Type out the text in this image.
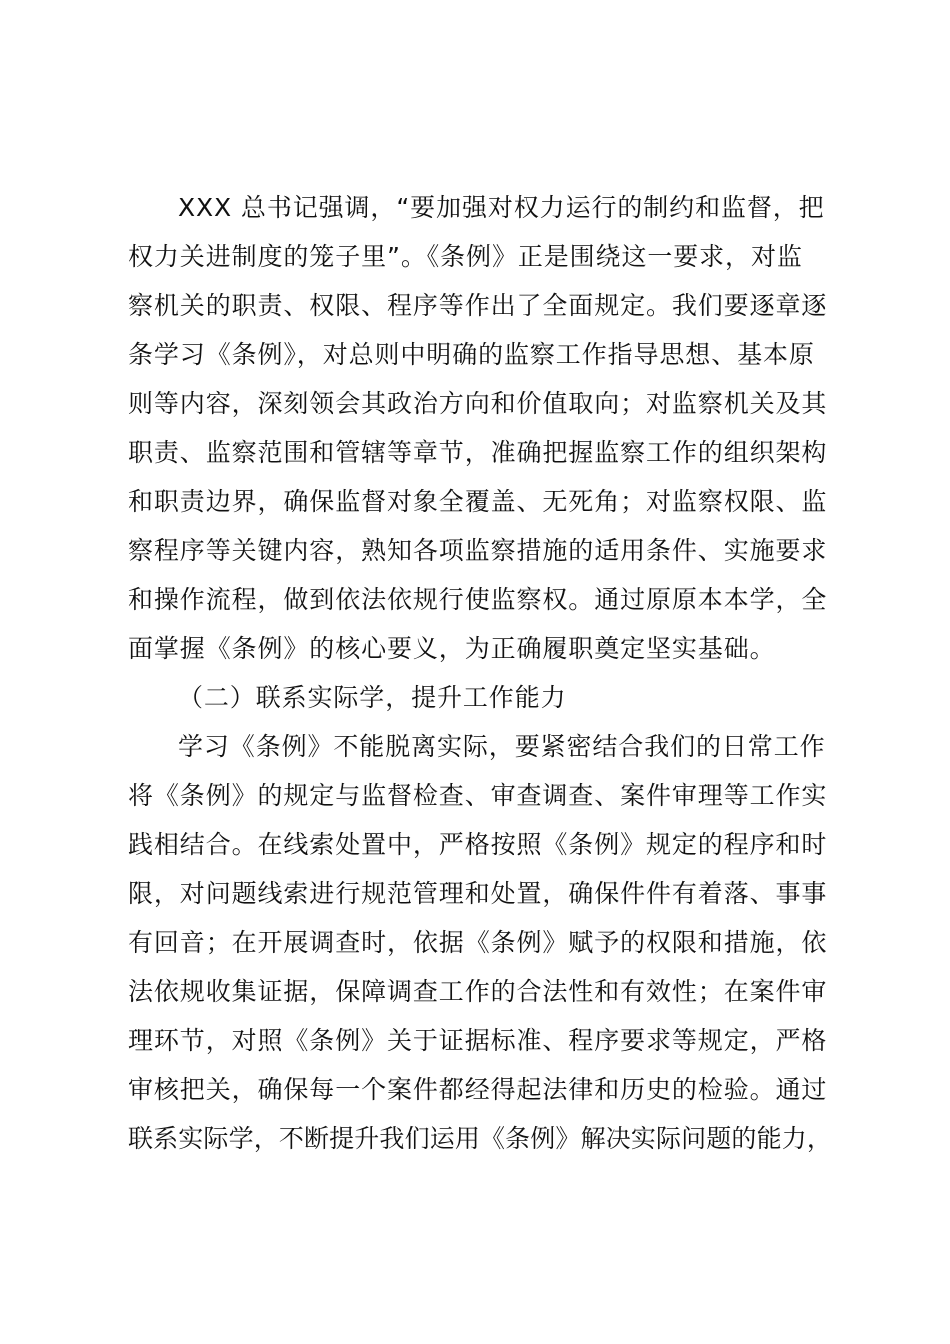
XXX 总书记强调，“要加强对权力运行的制约和监督，把
权力关进制度的笼子里”。《条例》正是围绕这一要求，对监
察机关的职责、权限、程序等作出了全面规定。我们要逐章逐
条学习《条例》，对总则中明确的监察工作指导思想、基本原
则等内容，深刻领会其政治方向和价值取向；对监察机关及其
职责、监察范围和管辖等章节，准确把握监察工作的组织架构
和职责边界，确保监督对象全覆盖、无死角；对监察权限、监
察程序等关键内容，熟知各项监察措施的适用条件、实施要求
和操作流程，做到依法依规行使监察权。通过原原本本学，全
面掌握《条例》的核心要义，为正确履职奠定坚实基础。
（二）联系实际学，提升工作能力
学习《条例》不能脱离实际，要紧密结合我们的日常工作
将《条例》的规定与监督检查、审查调查、案件审理等工作实
践相结合。在线索处置中，严格按照《条例》规定的程序和时
限，对问题线索进行规范管理和处置，确保件件有着落、事事
有回音；在开展调查时，依据《条例》赋予的权限和措施，依
法依规收集证据，保障调查工作的合法性和有效性；在案件审
理环节，对照《条例》关于证据标准、程序要求等规定，严格
审核把关，确保每一个案件都经得起法律和历史的检验。通过
联系实际学，不断提升我们运用《条例》解决实际问题的能力，
